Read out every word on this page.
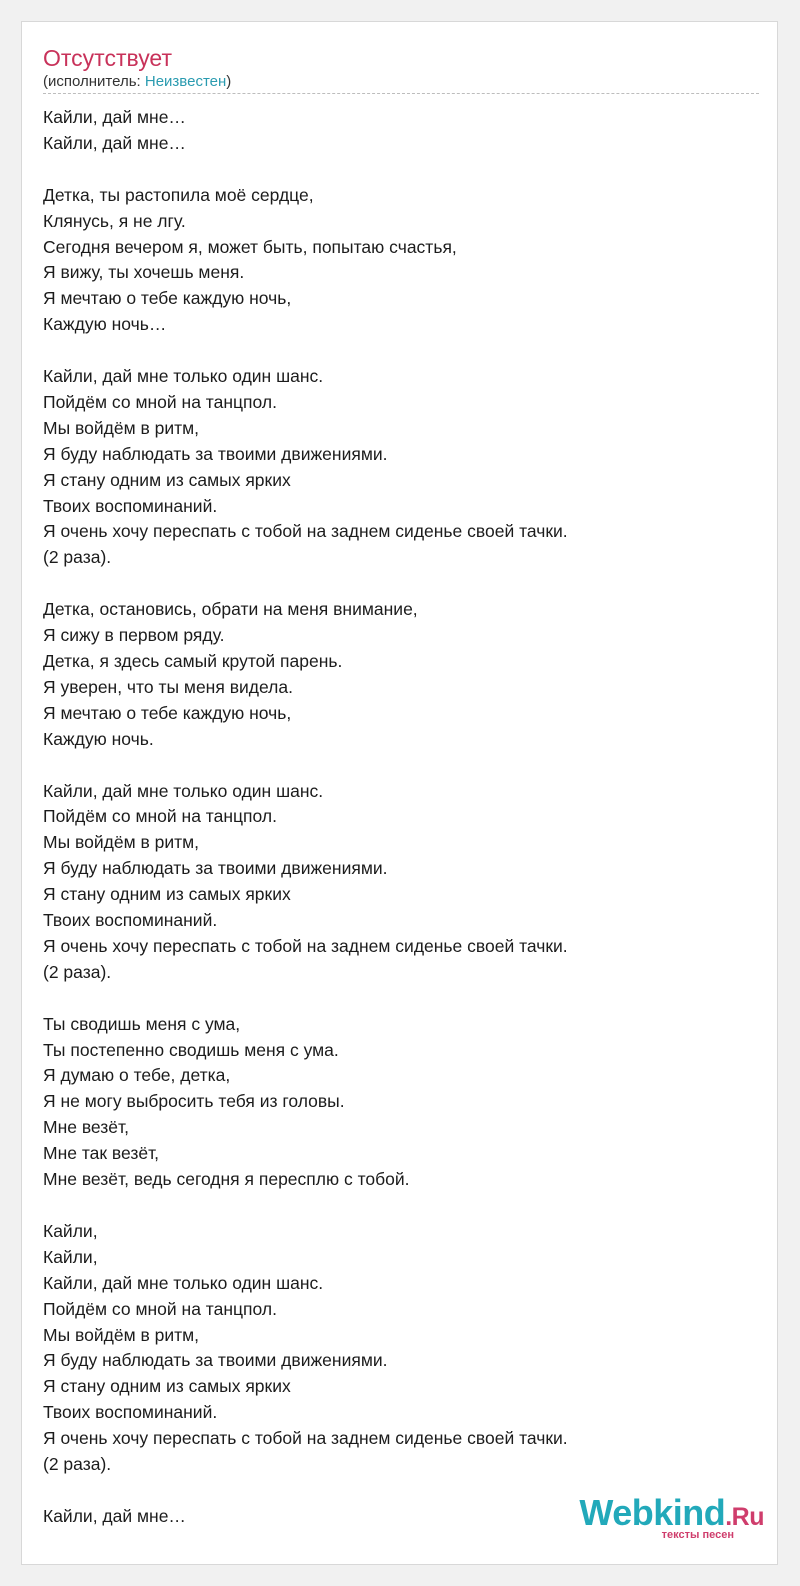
Отсутствует
(исполнитель: Неизвестен)
Кайли, дай мне…
Кайли, дай мне…
Детка, ты растопила моё сердце,
Клянусь, я не лгу.
Сегодня вечером я, может быть, попытаю счастья,
Я вижу, ты хочешь меня.
Я мечтаю о тебе каждую ночь,
Каждую ночь…
Кайли, дай мне только один шанс.
Пойдём со мной на танцпол.
Мы войдём в ритм,
Я буду наблюдать за твоими движениями.
Я стану одним из самых ярких
Твоих воспоминаний.
Я очень хочу переспать с тобой на заднем сиденье своей тачки.
(2 раза).
Детка, остановись, обрати на меня внимание,
Я сижу в первом ряду.
Детка, я здесь самый крутой парень.
Я уверен, что ты меня видела.
Я мечтаю о тебе каждую ночь,
Каждую ночь.
Кайли, дай мне только один шанс.
Пойдём со мной на танцпол.
Мы войдём в ритм,
Я буду наблюдать за твоими движениями.
Я стану одним из самых ярких
Твоих воспоминаний.
Я очень хочу переспать с тобой на заднем сиденье своей тачки.
(2 раза).
Ты сводишь меня с ума,
Ты постепенно сводишь меня с ума.
Я думаю о тебе, детка,
Я не могу выбросить тебя из головы.
Мне везёт,
Мне так везёт,
Мне везёт, ведь сегодня я пересплю с тобой.
Кайли,
Кайли,
Кайли, дай мне только один шанс.
Пойдём со мной на танцпол.
Мы войдём в ритм,
Я буду наблюдать за твоими движениями.
Я стану одним из самых ярких
Твоих воспоминаний.
Я очень хочу переспать с тобой на заднем сиденье своей тачки.
(2 раза).
Кайли, дай мне…	Webkind.Ru
тексты песен
